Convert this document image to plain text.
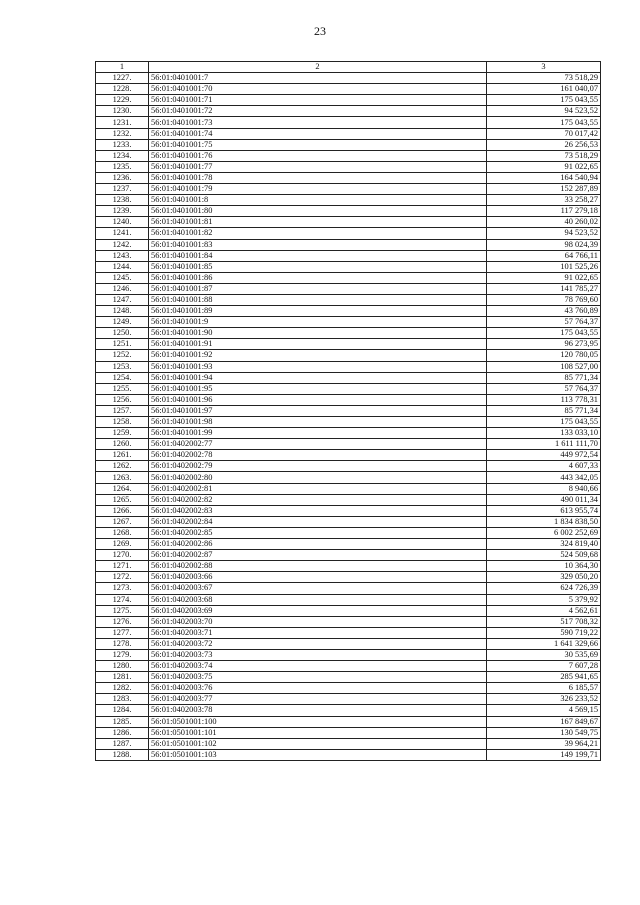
23
1	2	3
1227.	56:01:0401001:7	73 518,29
1228.	56:01:0401001:70	161 040,07
1229.	56:01:0401001:71	175 043,55
1230.	56:01:0401001:72	94 523,52
1231.	56:01:0401001:73	175 043,55
1232.	56:01:0401001:74	70 017,42
1233.	56:01:0401001:75	26 256,53
1234.	56:01:0401001:76	73 518,29
1235.	56:01:0401001:77	91 022,65
1236.	56:01:0401001:78	164 540,94
1237.	56:01:0401001:79	152 287,89
1238.	56:01:0401001:8	33 258,27
1239.	56:01:0401001:80	117 279,18
1240.	56:01:0401001:81	40 260,02
1241.	56:01:0401001:82	94 523,52
1242.	56:01:0401001:83	98 024,39
1243.	56:01:0401001:84	64 766,11
1244.	56:01:0401001:85	101 525,26
1245.	56:01:0401001:86	91 022,65
1246.	56:01:0401001:87	141 785,27
1247.	56:01:0401001:88	78 769,60
1248.	56:01:0401001:89	43 760,89
1249.	56:01:0401001:9	57 764,37
1250.	56:01:0401001:90	175 043,55
1251.	56:01:0401001:91	96 273,95
1252.	56:01:0401001:92	120 780,05
1253.	56:01:0401001:93	108 527,00
1254.	56:01:0401001:94	85 771,34
1255.	56:01:0401001:95	57 764,37
1256.	56:01:0401001:96	113 778,31
1257.	56:01:0401001:97	85 771,34
1258.	56:01:0401001:98	175 043,55
1259.	56:01:0401001:99	133 033,10
1260.	56:01:0402002:77	1 611 111,70
1261.	56:01:0402002:78	449 972,54
1262.	56:01:0402002:79	4 607,33
1263.	56:01:0402002:80	443 342,05
1264.	56:01:0402002:81	8 940,66
1265.	56:01:0402002:82	490 011,34
1266.	56:01:0402002:83	613 955,74
1267.	56:01:0402002:84	1 834 838,50
1268.	56:01:0402002:85	6 002 252,69
1269.	56:01:0402002:86	324 819,40
1270.	56:01:0402002:87	524 509,68
1271.	56:01:0402002:88	10 364,30
1272.	56:01:0402003:66	329 050,20
1273.	56:01:0402003:67	624 726,39
1274.	56:01:0402003:68	5 379,92
1275.	56:01:0402003:69	4 562,61
1276.	56:01:0402003:70	517 708,32
1277.	56:01:0402003:71	590 719,22
1278.	56:01:0402003:72	1 641 329,66
1279.	56:01:0402003:73	30 535,69
1280.	56:01:0402003:74	7 607,28
1281.	56:01:0402003:75	285 941,65
1282.	56:01:0402003:76	6 185,57
1283.	56:01:0402003:77	326 233,52
1284.	56:01:0402003:78	4 569,15
1285.	56:01:0501001:100	167 849,67
1286.	56:01:0501001:101	130 549,75
1287.	56:01:0501001:102	39 964,21
1288.	56:01:0501001:103	149 199,71
